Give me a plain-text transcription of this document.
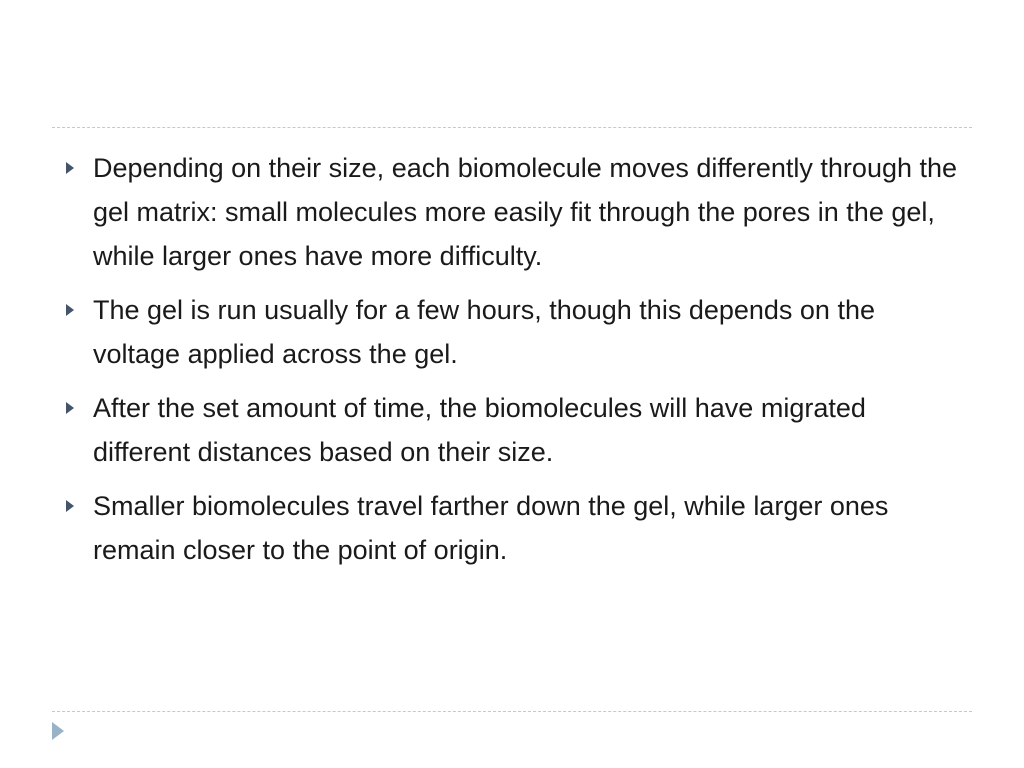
Depending on their size, each biomolecule moves differently through the gel matrix: small molecules more easily fit through the pores in the gel, while larger ones have more difficulty.
The gel is run usually for a few hours, though this depends on the voltage applied across the gel.
After the set amount of time, the biomolecules will have migrated different distances based on their size.
Smaller biomolecules travel farther down the gel, while larger ones remain closer to the point of origin.
